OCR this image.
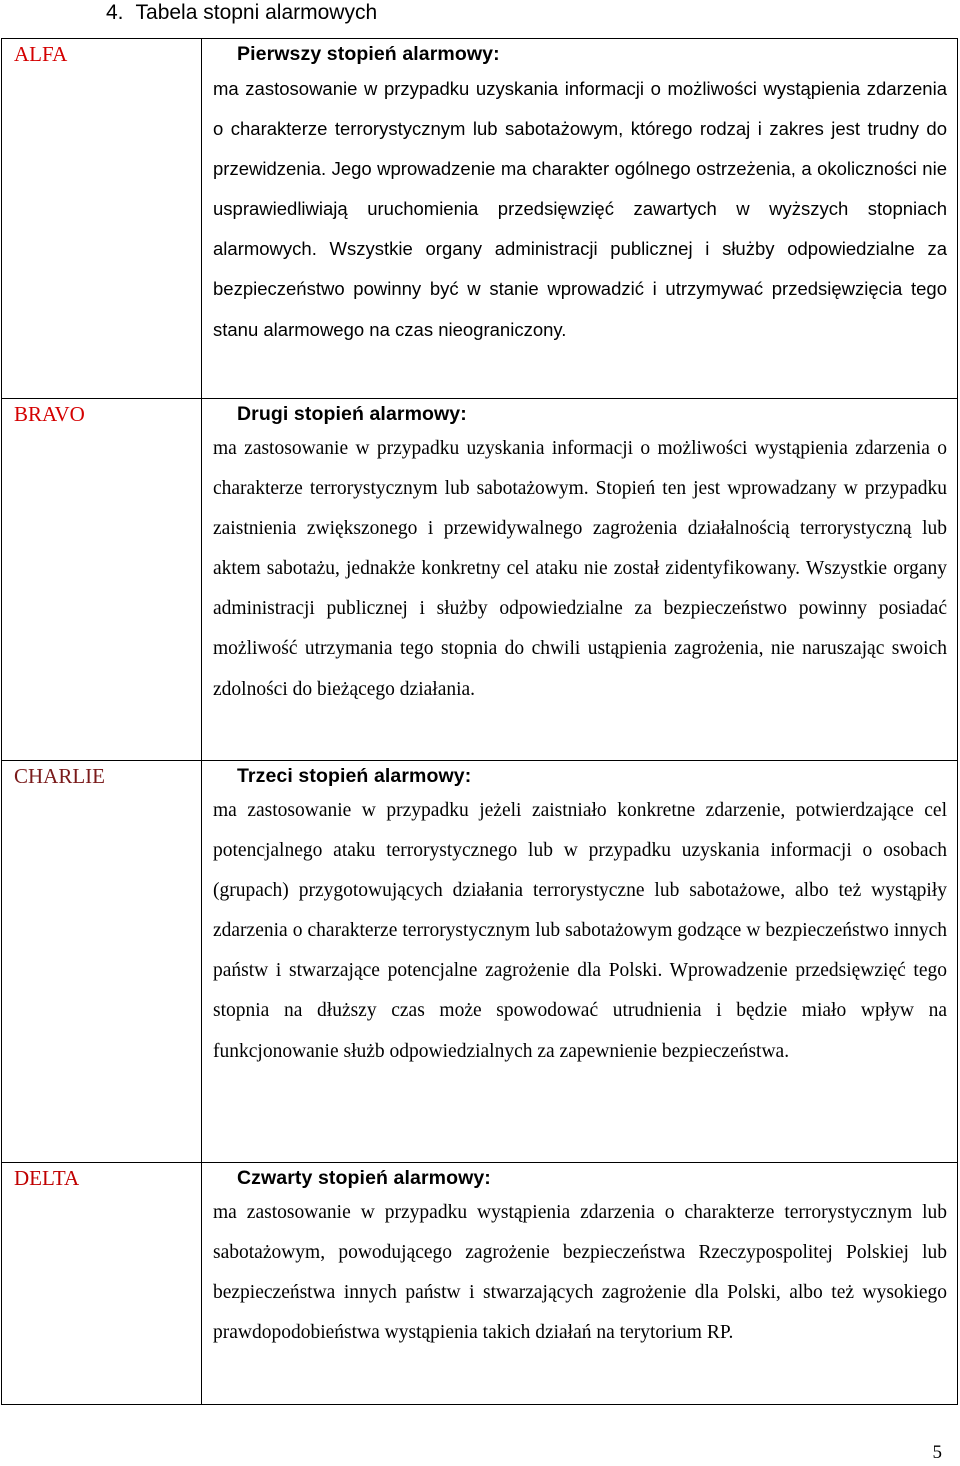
4. Tabela stopni alarmowych
ALFA	Pierwszy stopień alarmowy:
ma zastosowanie w przypadku uzyskania informacji o możliwości wystąpienia zdarzenia o charakterze terrorystycznym lub sabotażowym, którego rodzaj i zakres jest trudny do przewidzenia. Jego wprowadzenie ma charakter ogólnego ostrzeżenia, a okoliczności nie usprawiedliwiają uruchomienia przedsięwzięć zawartych w wyższych stopniach alarmowych. Wszystkie organy administracji publicznej i służby odpowiedzialne za bezpieczeństwo powinny być w stanie wprowadzić i utrzymywać przedsięwzięcia tego stanu alarmowego na czas nieograniczony.

BRAVO	Drugi stopień alarmowy:
ma zastosowanie w przypadku uzyskania informacji o możliwości wystąpienia zdarzenia o charakterze terrorystycznym lub sabotażowym. Stopień ten jest wprowadzany w przypadku zaistnienia zwiększonego i przewidywalnego zagrożenia działalnością terrorystyczną lub aktem sabotażu, jednakże konkretny cel ataku nie został zidentyfikowany. Wszystkie organy administracji publicznej i służby odpowiedzialne za bezpieczeństwo powinny posiadać możliwość utrzymania tego stopnia do chwili ustąpienia zagrożenia, nie naruszając swoich zdolności do bieżącego działania.

CHARLIE	Trzeci stopień alarmowy:
ma zastosowanie w przypadku jeżeli zaistniało konkretne zdarzenie, potwierdzające cel potencjalnego ataku terrorystycznego lub w przypadku uzyskania informacji o osobach (grupach) przygotowujących działania terrorystyczne lub sabotażowe, albo też wystąpiły zdarzenia o charakterze terrorystycznym lub sabotażowym godzące w bezpieczeństwo innych państw i stwarzające potencjalne zagrożenie dla Polski. Wprowadzenie przedsięwzięć tego stopnia na dłuższy czas może spowodować utrudnienia i będzie miało wpływ na funkcjonowanie służb odpowiedzialnych za zapewnienie bezpieczeństwa.

DELTA	Czwarty stopień alarmowy:
ma zastosowanie w przypadku wystąpienia zdarzenia o charakterze terrorystycznym lub sabotażowym, powodującego zagrożenie bezpieczeństwa Rzeczypospolitej Polskiej lub bezpieczeństwa innych państw i stwarzających zagrożenie dla Polski, albo też wysokiego prawdopodobieństwa wystąpienia takich działań na terytorium RP.
5
